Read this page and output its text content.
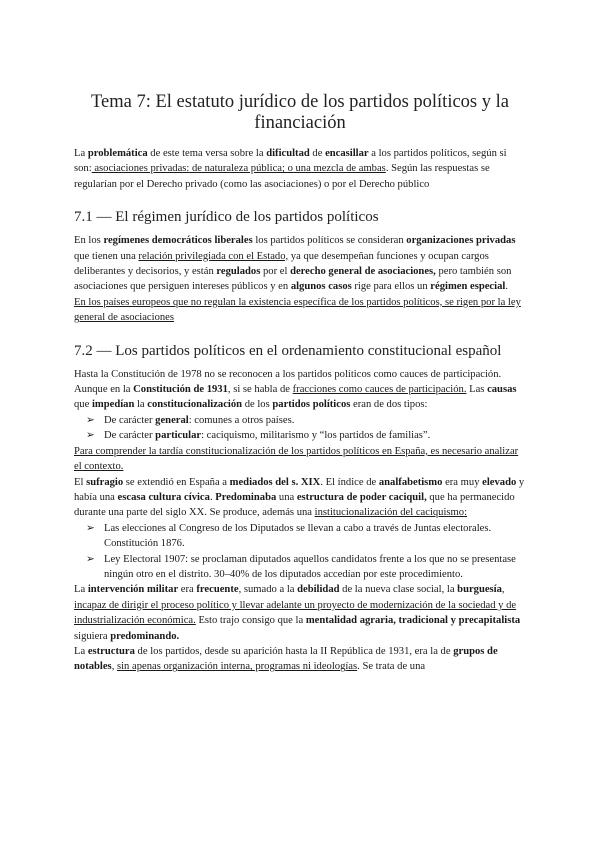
Tema 7: El estatuto jurídico de los partidos políticos y la financiación

La problemática de este tema versa sobre la dificultad de encasillar a los partidos políticos, según si son: asociaciones privadas: de naturaleza pública; o una mezcla de ambas. Según las respuestas se regularían por el Derecho privado (como las asociaciones) o por el Derecho público

7.1 — El régimen jurídico de los partidos políticos

En los regímenes democráticos liberales los partidos políticos se consideran organizaciones privadas que tienen una relación privilegiada con el Estado, ya que desempeñan funciones y ocupan cargos deliberantes y decisorios, y están regulados por el derecho general de asociaciones, pero también son asociaciones que persiguen intereses públicos y en algunos casos rige para ellos un régimen especial.

En los países europeos que no regulan la existencia específica de los partidos políticos, se rigen por la ley general de asociaciones

7.2 — Los partidos políticos en el ordenamiento constitucional español

Hasta la Constitución de 1978 no se reconocen a los partidos políticos como cauces de participación. Aunque en la Constitución de 1931, si se habla de fracciones como cauces de participación. Las causas que impedían la constitucionalización de los partidos políticos eran de dos tipos:

➢ De carácter general: comunes a otros países.
➢ De carácter particular: caciquismo, militarismo y “los partidos de familias”.

Para comprender la tardía constitucionalización de los partidos políticos en España, es necesario analizar el contexto.

El sufragio se extendió en España a mediados del s. XIX. El índice de analfabetismo era muy elevado y había una escasa cultura cívica. Predominaba una estructura de poder caciquil, que ha permanecido durante una parte del siglo XX. Se produce, además una institucionalización del caciquismo:

➢ Las elecciones al Congreso de los Diputados se llevan a cabo a través de Juntas electorales. Constitución 1876.
➢ Ley Electoral 1907: se proclaman diputados aquellos candidatos frente a los que no se presentase ningún otro en el distrito. 30–40% de los diputados accedían por este procedimiento.

La intervención militar era frecuente, sumado a la debilidad de la nueva clase social, la burguesía, incapaz de dirigir el proceso político y llevar adelante un proyecto de modernización de la sociedad y de industrialización económica. Esto trajo consigo que la mentalidad agraria, tradicional y precapitalista siguiera predominando.

La estructura de los partidos, desde su aparición hasta la II República de 1931, era la de grupos de notables, sin apenas organización interna, programas ni ideologías. Se trata de una
